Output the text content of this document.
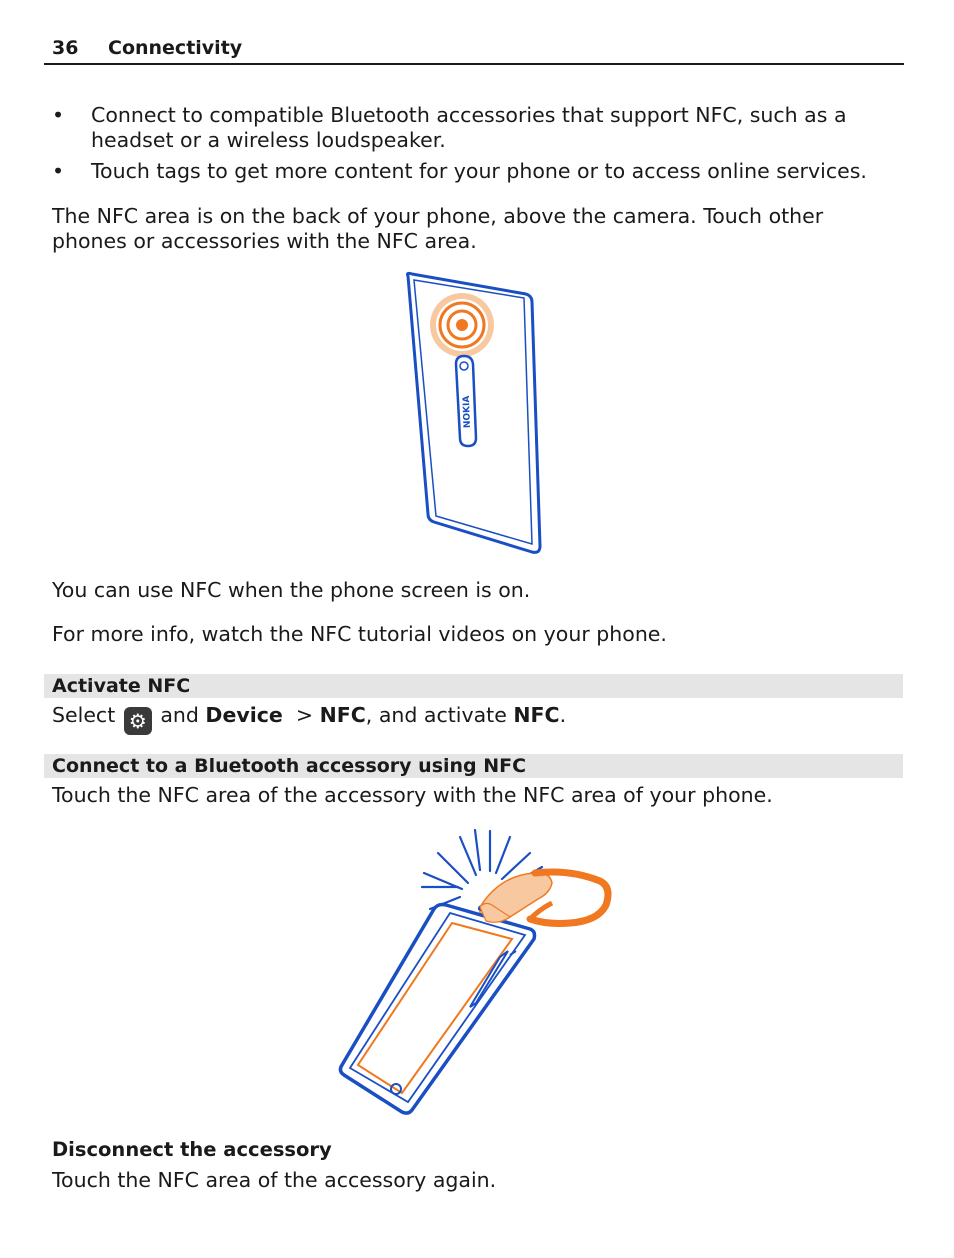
36 Connectivity
• Connect to compatible Bluetooth accessories that support NFC, such as a headset or a wireless loudspeaker.
• Touch tags to get more content for your phone or to access online services.
The NFC area is on the back of your phone, above the camera. Touch other phones or accessories with the NFC area.
NOKIA
You can use NFC when the phone screen is on.
For more info, watch the NFC tutorial videos on your phone.
Activate NFC
Select ⚙ and Device > NFC, and activate NFC.
Connect to a Bluetooth accessory using NFC
Touch the NFC area of the accessory with the NFC area of your phone.
Disconnect the accessory
Touch the NFC area of the accessory again.
